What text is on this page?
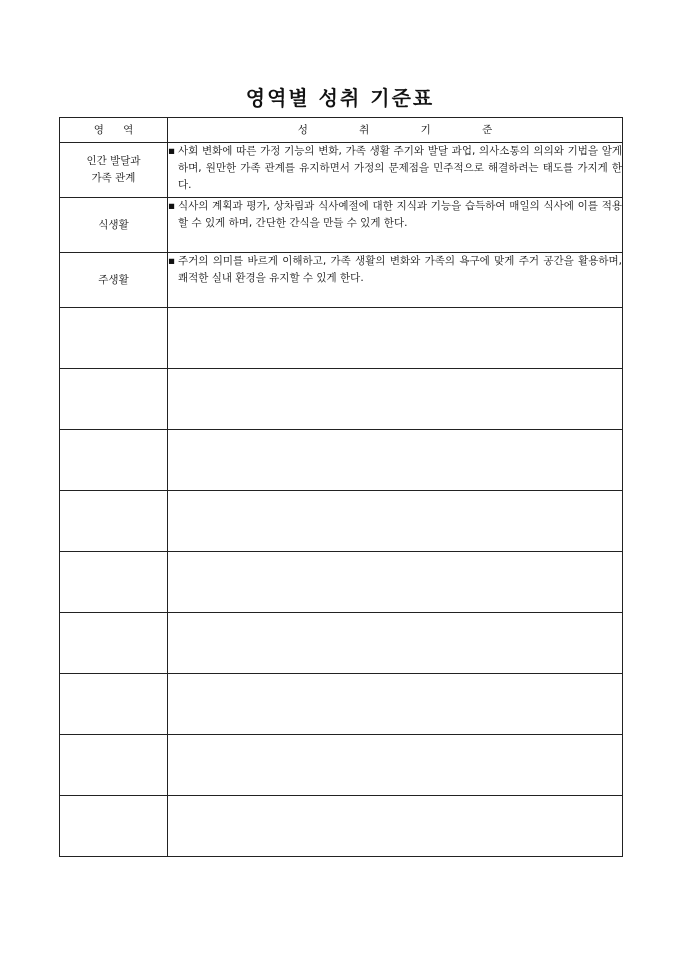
영역별 성취 기준표
영 역	성 취 기 준
인간 발달과
가족 관계	▪ 사회 변화에 따른 가정 기능의 변화, 가족 생활 주기와 발달 과업, 의사소통의 의의와 기법을 알게 하며, 원만한 가족 관계를 유지하면서 가정의 문제점을 민주적으로 해결하려는 태도를 가지게 한다.

식생활	▪ 식사의 계획과 평가, 상차림과 식사예절에 대한 지식과 기능을 습득하여 매일의 식사에 이를 적용할 수 있게 하며, 간단한 간식을 만들 수 있게 한다.

주생활	▪ 주거의 의미를 바르게 이해하고, 가족 생활의 변화와 가족의 욕구에 맞게 주거 공간을 활용하며, 쾌적한 실내 환경을 유지할 수 있게 한다.
